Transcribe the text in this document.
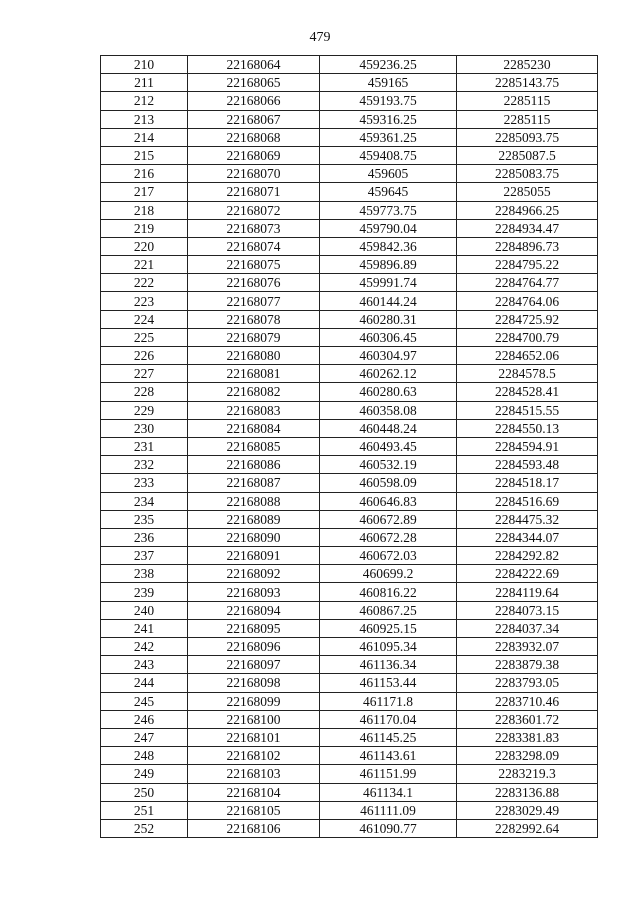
479
210	22168064	459236.25	2285230
211	22168065	459165	2285143.75
212	22168066	459193.75	2285115
213	22168067	459316.25	2285115
214	22168068	459361.25	2285093.75
215	22168069	459408.75	2285087.5
216	22168070	459605	2285083.75
217	22168071	459645	2285055
218	22168072	459773.75	2284966.25
219	22168073	459790.04	2284934.47
220	22168074	459842.36	2284896.73
221	22168075	459896.89	2284795.22
222	22168076	459991.74	2284764.77
223	22168077	460144.24	2284764.06
224	22168078	460280.31	2284725.92
225	22168079	460306.45	2284700.79
226	22168080	460304.97	2284652.06
227	22168081	460262.12	2284578.5
228	22168082	460280.63	2284528.41
229	22168083	460358.08	2284515.55
230	22168084	460448.24	2284550.13
231	22168085	460493.45	2284594.91
232	22168086	460532.19	2284593.48
233	22168087	460598.09	2284518.17
234	22168088	460646.83	2284516.69
235	22168089	460672.89	2284475.32
236	22168090	460672.28	2284344.07
237	22168091	460672.03	2284292.82
238	22168092	460699.2	2284222.69
239	22168093	460816.22	2284119.64
240	22168094	460867.25	2284073.15
241	22168095	460925.15	2284037.34
242	22168096	461095.34	2283932.07
243	22168097	461136.34	2283879.38
244	22168098	461153.44	2283793.05
245	22168099	461171.8	2283710.46
246	22168100	461170.04	2283601.72
247	22168101	461145.25	2283381.83
248	22168102	461143.61	2283298.09
249	22168103	461151.99	2283219.3
250	22168104	461134.1	2283136.88
251	22168105	461111.09	2283029.49
252	22168106	461090.77	2282992.64
